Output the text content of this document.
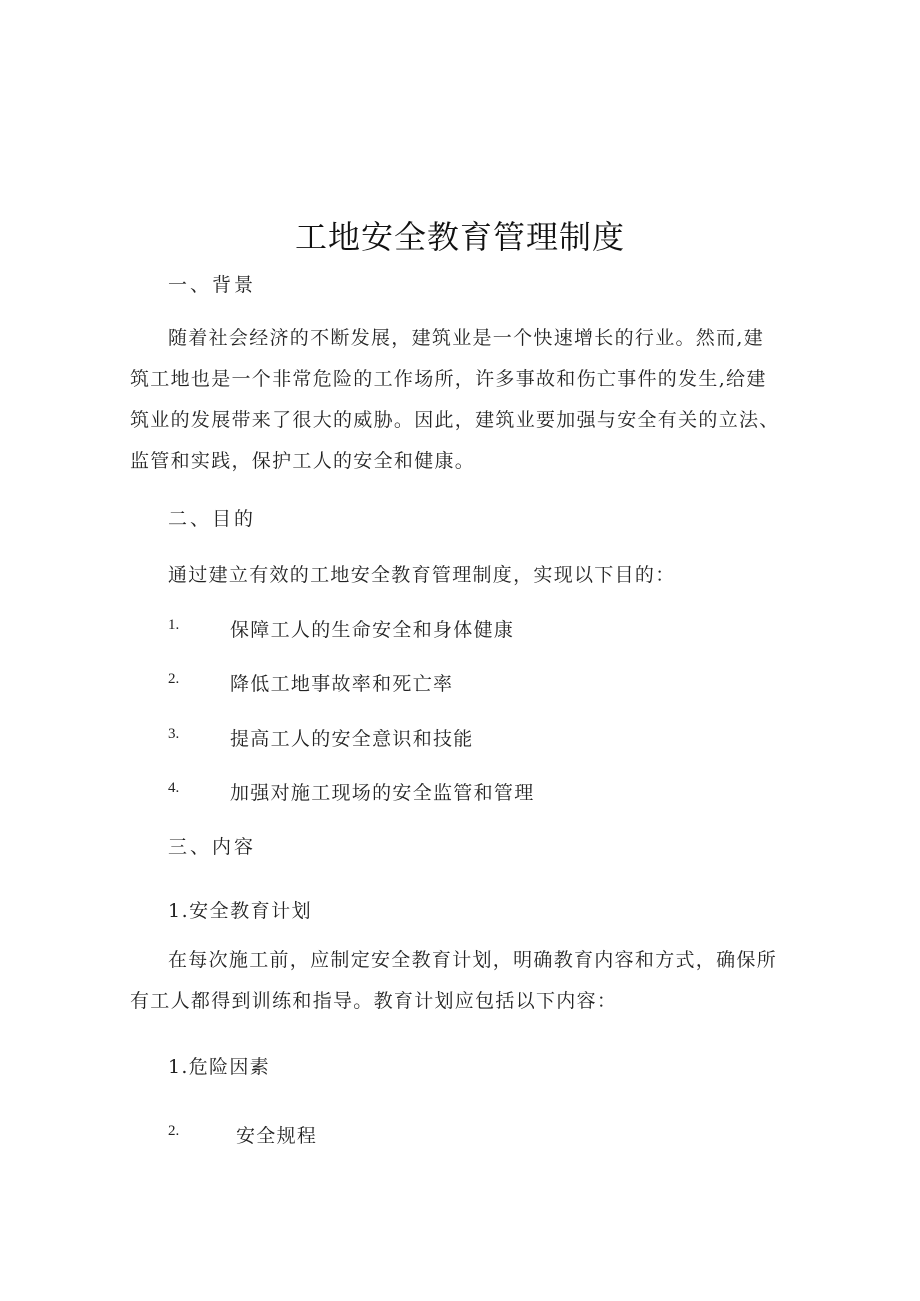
工地安全教育管理制度
一、背景

随着社会经济的不断发展，建筑业是一个快速增长的行业。然而,建筑工地也是一个非常危险的工作场所，许多事故和伤亡事件的发生,给建筑业的发展带来了很大的威胁。因此，建筑业要加强与安全有关的立法、监管和实践，保护工人的安全和健康。

二、目的

通过建立有效的工地安全教育管理制度，实现以下目的：

1.	保障工人的生命安全和身体健康
2.	降低工地事故率和死亡率
3.	提高工人的安全意识和技能
4.	加强对施工现场的安全监管和管理
三、内容
1.安全教育计划

在每次施工前，应制定安全教育计划，明确教育内容和方式，确保所有工人都得到训练和指导。教育计划应包括以下内容：

1.危险因素

2.	安全规程
